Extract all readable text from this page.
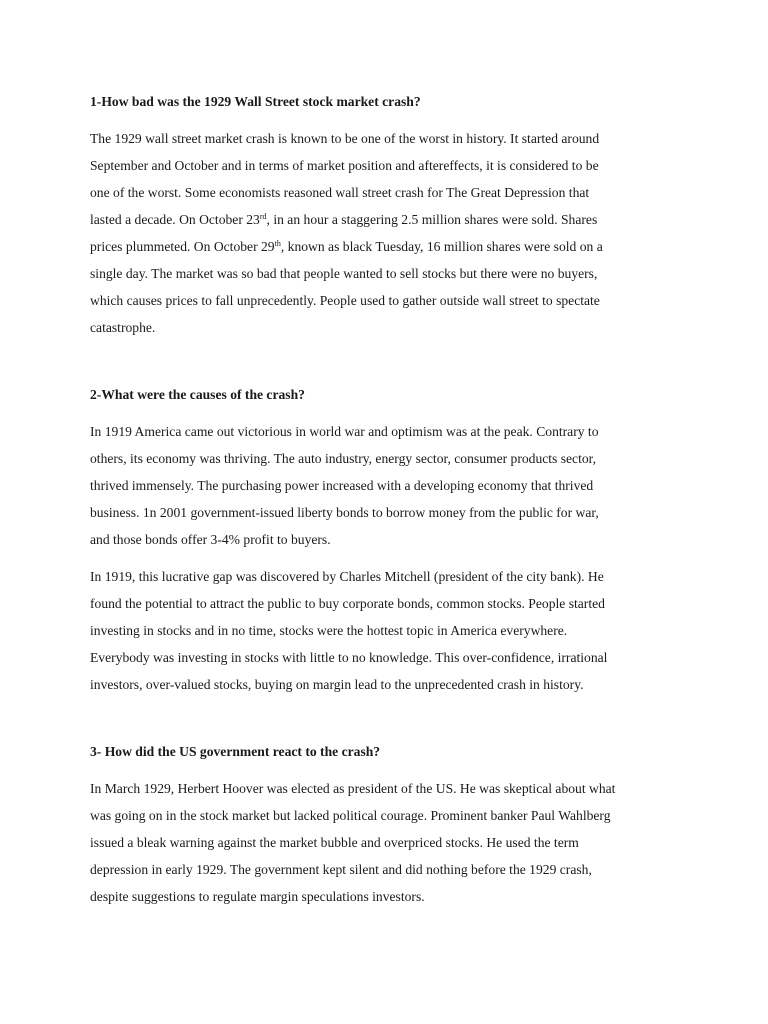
1-How bad was the 1929 Wall Street stock market crash?

The 1929 wall street market crash is known to be one of the worst in history. It started around
September and October and in terms of market position and aftereffects, it is considered to be
one of the worst. Some economists reasoned wall street crash for The Great Depression that
lasted a decade. On October 23rd, in an hour a staggering 2.5 million shares were sold. Shares
prices plummeted. On October 29th, known as black Tuesday, 16 million shares were sold on a
single day. The market was so bad that people wanted to sell stocks but there were no buyers,
which causes prices to fall unprecedently. People used to gather outside wall street to spectate
catastrophe.

2-What were the causes of the crash?

In 1919 America came out victorious in world war and optimism was at the peak. Contrary to
others, its economy was thriving. The auto industry, energy sector, consumer products sector,
thrived immensely. The purchasing power increased with a developing economy that thrived
business. 1n 2001 government-issued liberty bonds to borrow money from the public for war,
and those bonds offer 3-4% profit to buyers.

In 1919, this lucrative gap was discovered by Charles Mitchell (president of the city bank). He
found the potential to attract the public to buy corporate bonds, common stocks. People started
investing in stocks and in no time, stocks were the hottest topic in America everywhere.
Everybody was investing in stocks with little to no knowledge. This over-confidence, irrational
investors, over-valued stocks, buying on margin lead to the unprecedented crash in history.

3- How did the US government react to the crash?

In March 1929, Herbert Hoover was elected as president of the US. He was skeptical about what
was going on in the stock market but lacked political courage. Prominent banker Paul Wahlberg
issued a bleak warning against the market bubble and overpriced stocks. He used the term
depression in early 1929. The government kept silent and did nothing before the 1929 crash,
despite suggestions to regulate margin speculations investors.
